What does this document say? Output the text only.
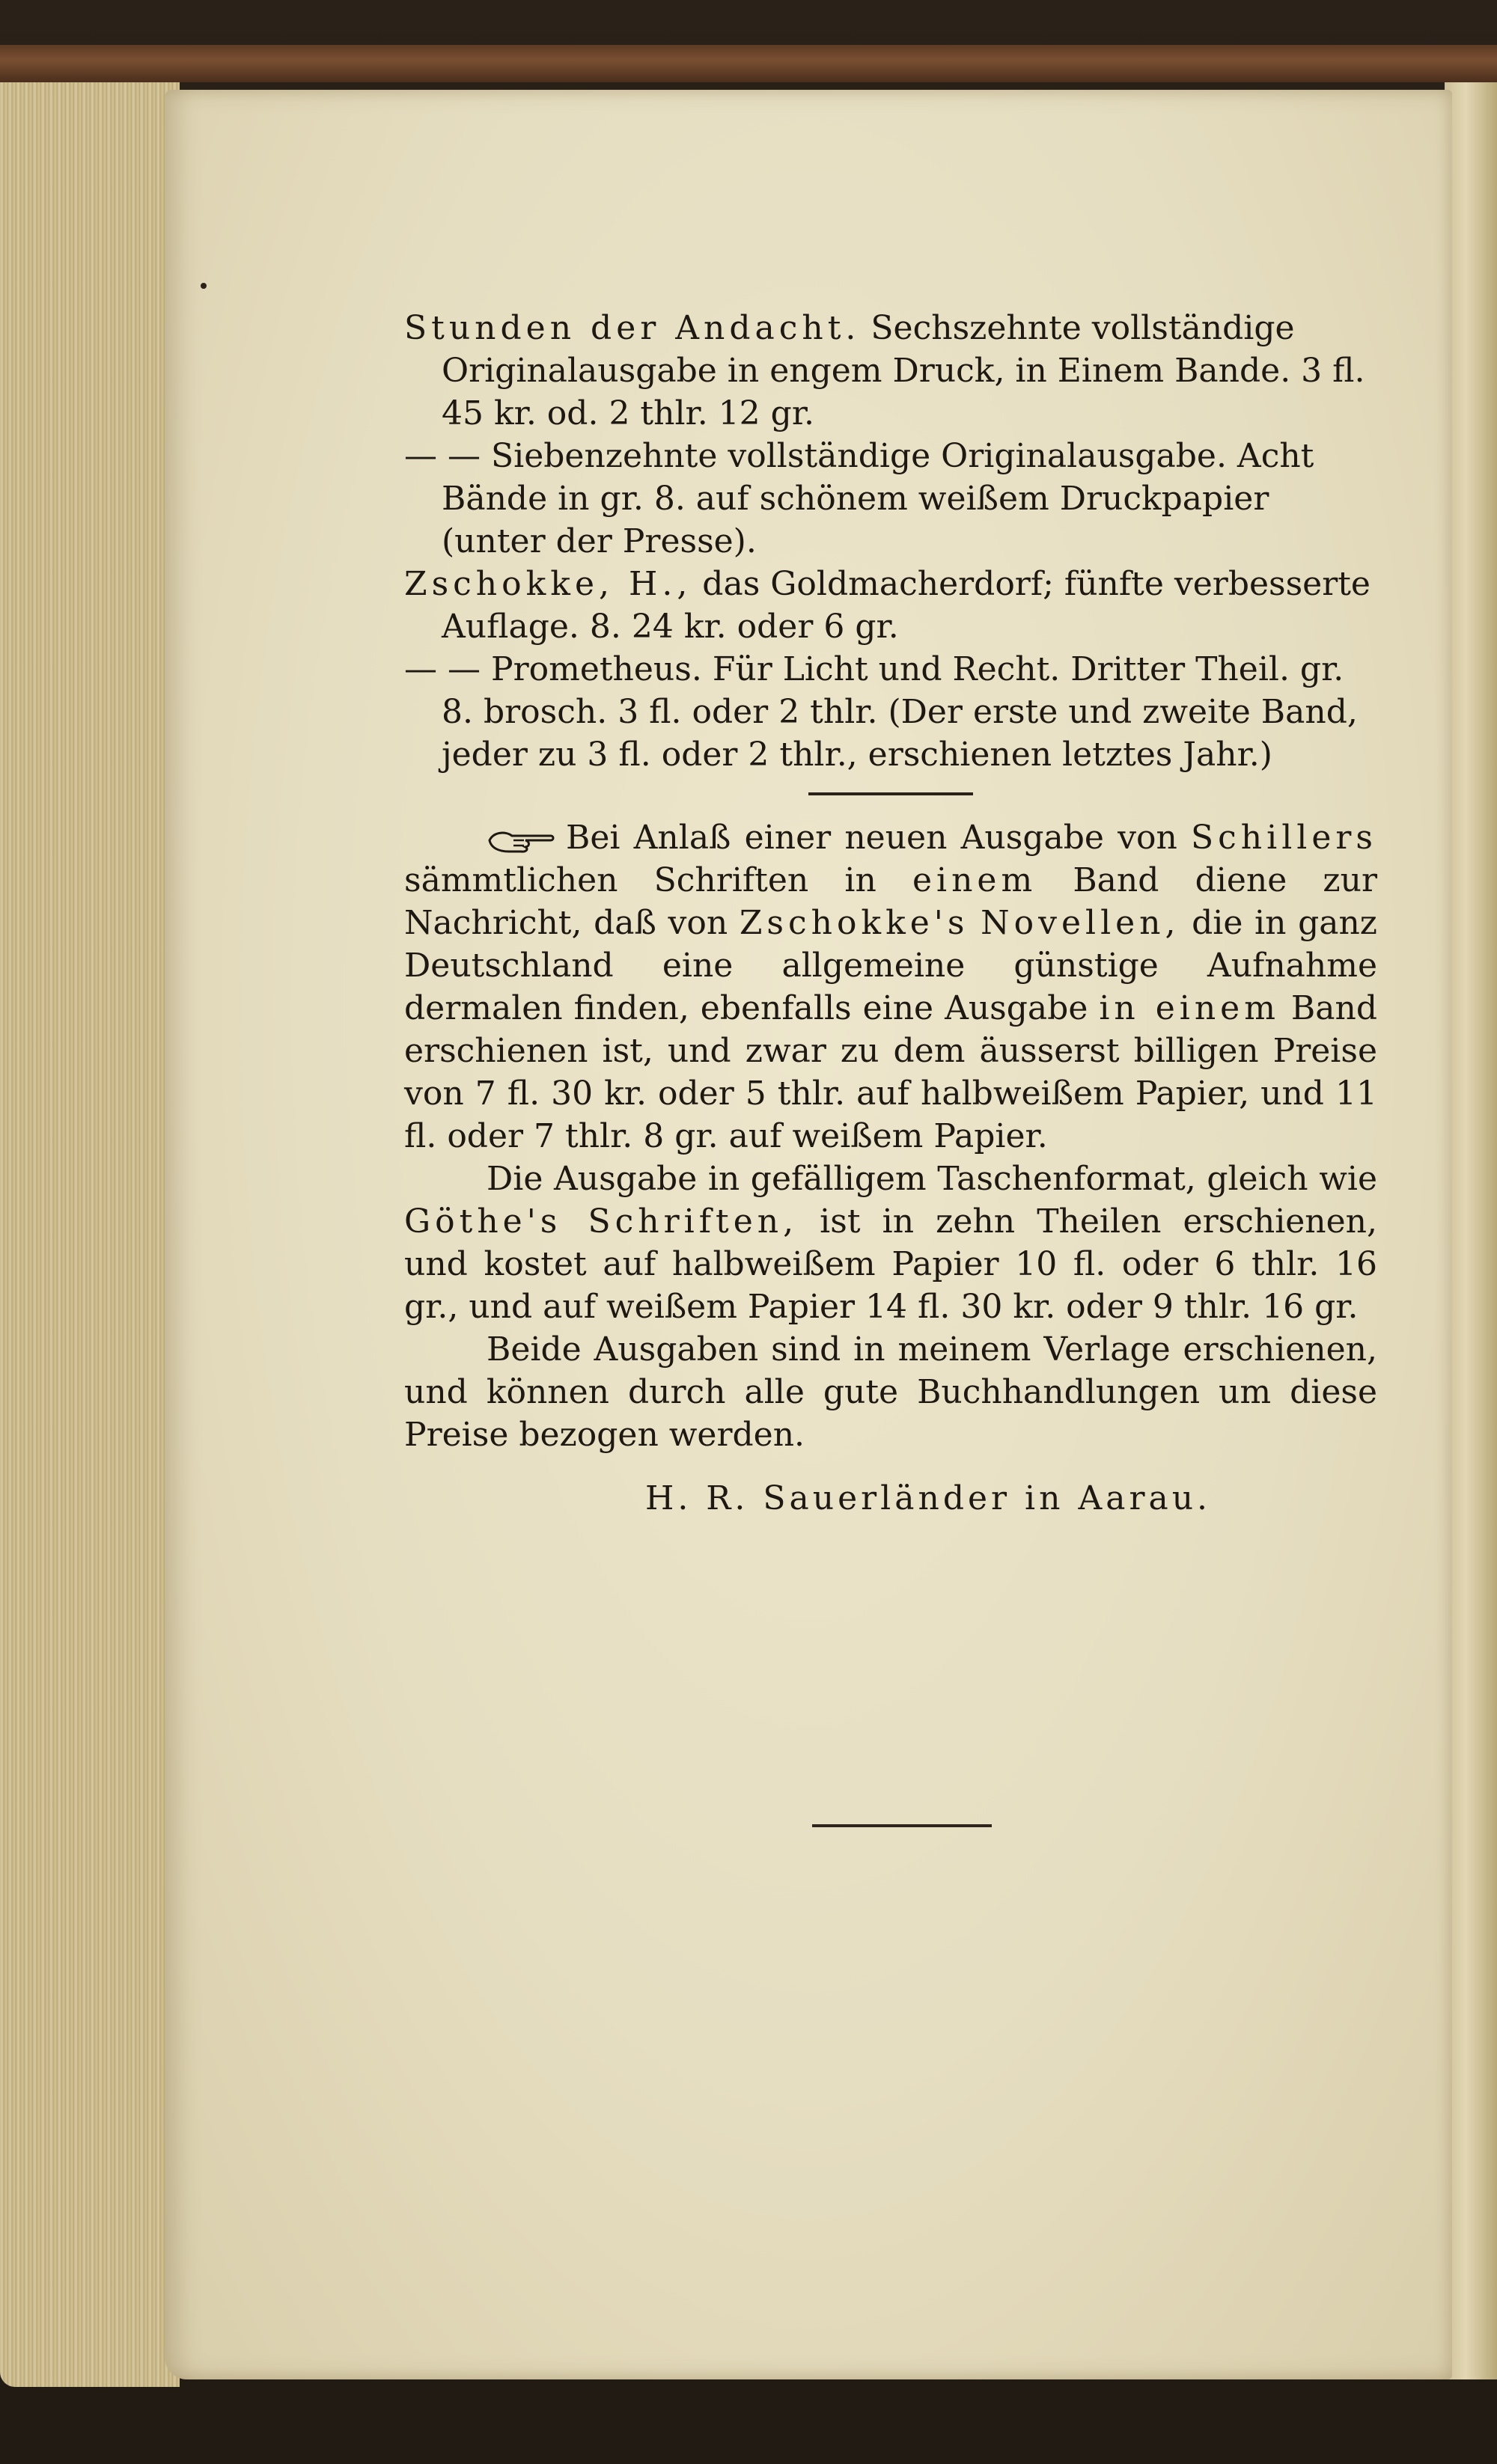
Stunden der Andacht. Sechszehnte vollständige Originalausgabe in engem Druck, in Einem Bande. 3 fl. 45 kr. od. 2 thlr. 12 gr.

— — Siebenzehnte vollständige Originalausgabe. Acht Bände in gr. 8. auf schönem weißem Druckpapier (unter der Presse).

Zschokke, H., das Goldmacherdorf; fünfte verbesserte Auflage. 8. 24 kr. oder 6 gr.

— — Prometheus. Für Licht und Recht. Dritter Theil. gr. 8. brosch. 3 fl. oder 2 thlr. (Der erste und zweite Band, jeder zu 3 fl. oder 2 thlr., erschienen letztes Jahr.)

Bei Anlaß einer neuen Ausgabe von Schillers sämmtlichen Schriften in einem Band diene zur Nachricht, daß von Zschokke's Novellen, die in ganz Deutschland eine allgemeine günstige Aufnahme dermalen finden, ebenfalls eine Ausgabe in einem Band erschienen ist, und zwar zu dem äusserst billigen Preise von 7 fl. 30 kr. oder 5 thlr. auf halbweißem Papier, und 11 fl. oder 7 thlr. 8 gr. auf weißem Papier.

Die Ausgabe in gefälligem Taschenformat, gleich wie Göthe's Schriften, ist in zehn Theilen erschienen, und kostet auf halbweißem Papier 10 fl. oder 6 thlr. 16 gr., und auf weißem Papier 14 fl. 30 kr. oder 9 thlr. 16 gr.

Beide Ausgaben sind in meinem Verlage erschienen, und können durch alle gute Buchhandlungen um diese Preise bezogen werden.

H. R. Sauerländer in Aarau.
